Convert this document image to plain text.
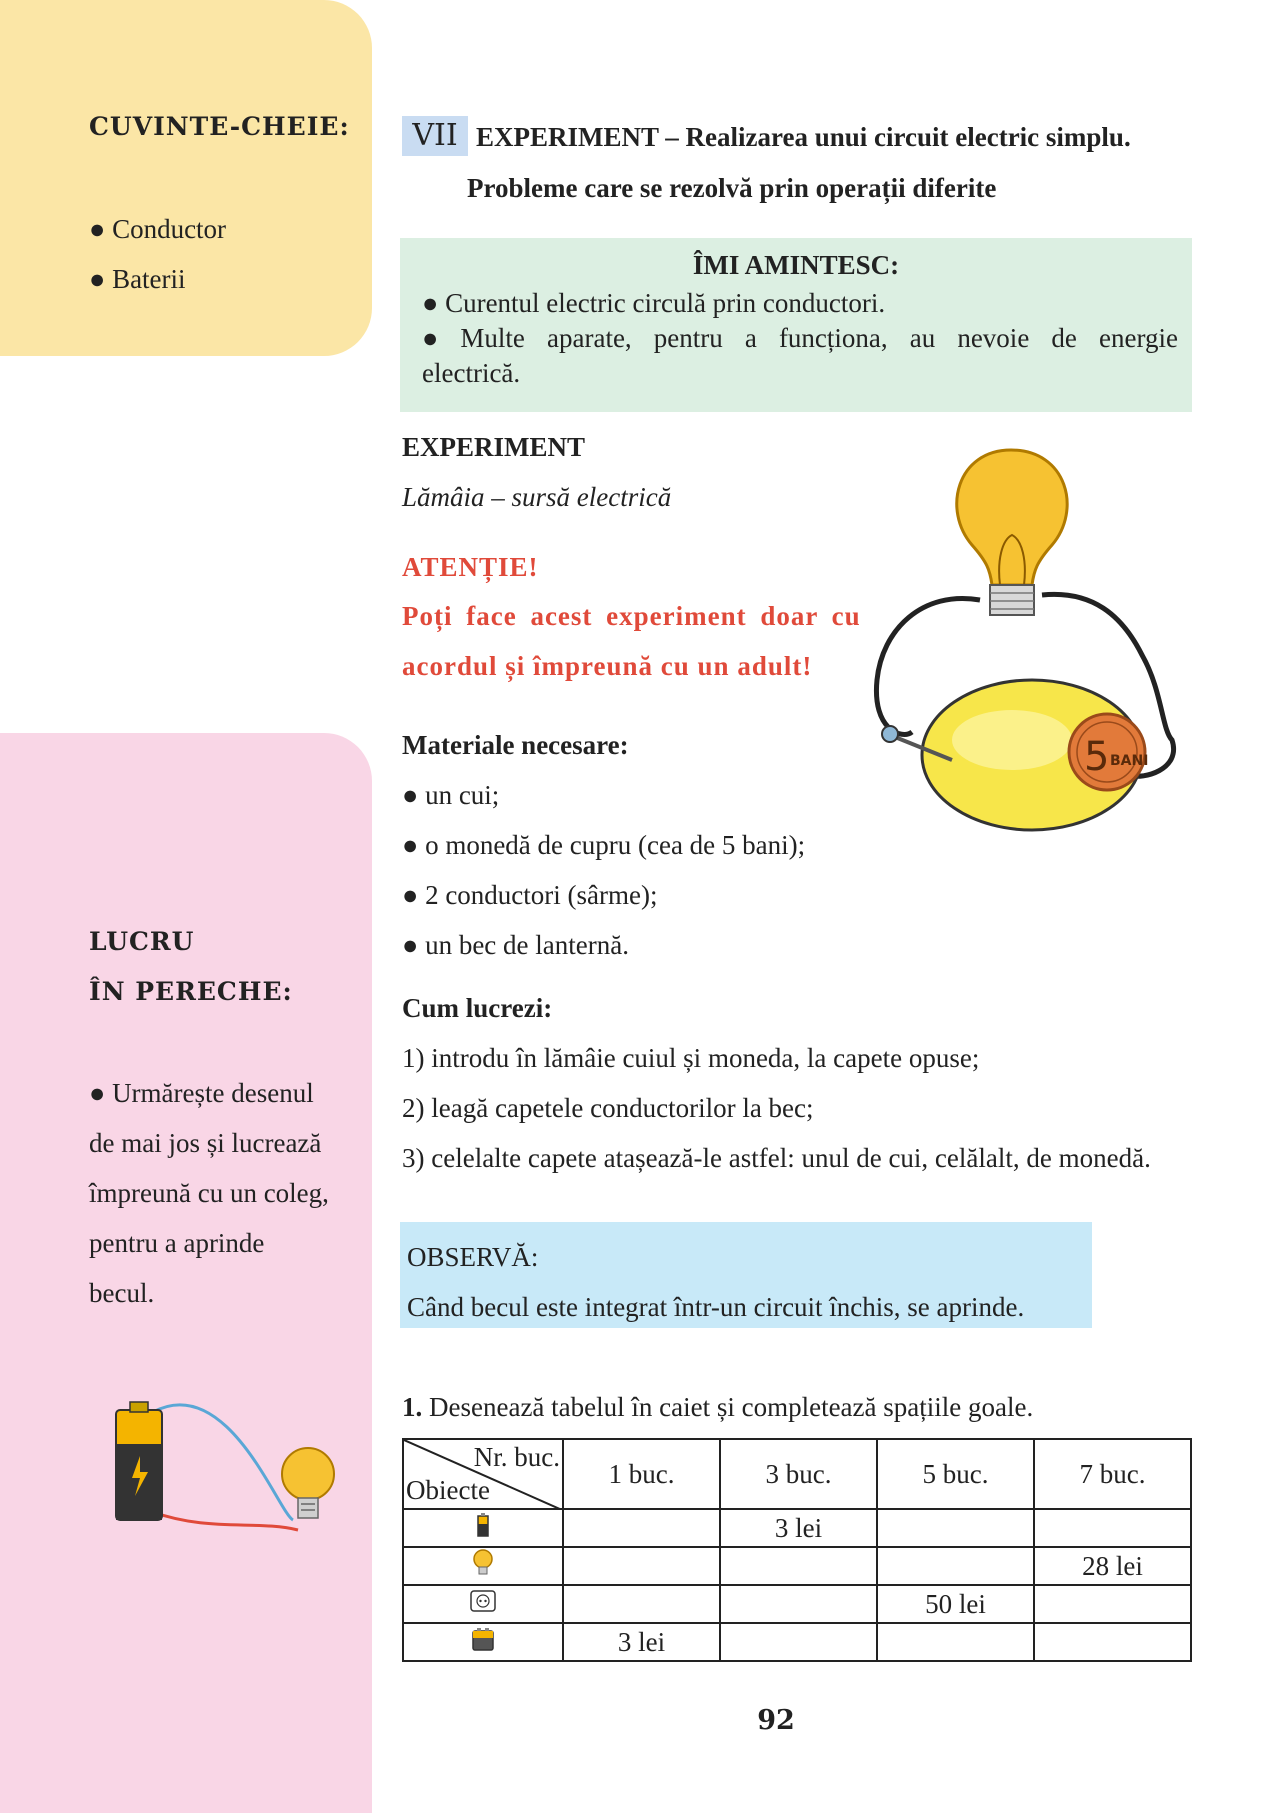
CUVINTE-CHEIE:
● Conductor
● Baterii
LUCRU
ÎN PERECHE:
● Urmărește desenul
de mai jos și lucrează
împreună cu un coleg,
pentru a aprinde
becul.
VII EXPERIMENT – Realizarea unui circuit electric simplu.
Probleme care se rezolvă prin operații diferite
ÎMI AMINTESC:
● Curentul electric circulă prin conductori.
● Multe aparate, pentru a funcționa, au nevoie de energie
electrică.
EXPERIMENT
Lămâia – sursă electrică
ATENȚIE!
Poți face acest experiment doar cu
acordul și împreună cu un adult!
5 BANI
Materiale necesare:
● un cui;
● o monedă de cupru (cea de 5 bani);
● 2 conductori (sârme);
● un bec de lanternă.
Cum lucrezi:
1) introdu în lămâie cuiul și moneda, la capete opuse;
2) leagă capetele conductorilor la bec;
3) celelalte capete atașează-le astfel: unul de cui, celălalt, de monedă.
OBSERVĂ:
Când becul este integrat într-un circuit închis, se aprinde.
1. Desenează tabelul în caiet și completează spațiile goale.
Nr. buc.
Obiecte	1 buc.	3 buc.	5 buc.	7 buc.
		3 lei		
				28 lei
			50 lei	
	3 lei			
92
